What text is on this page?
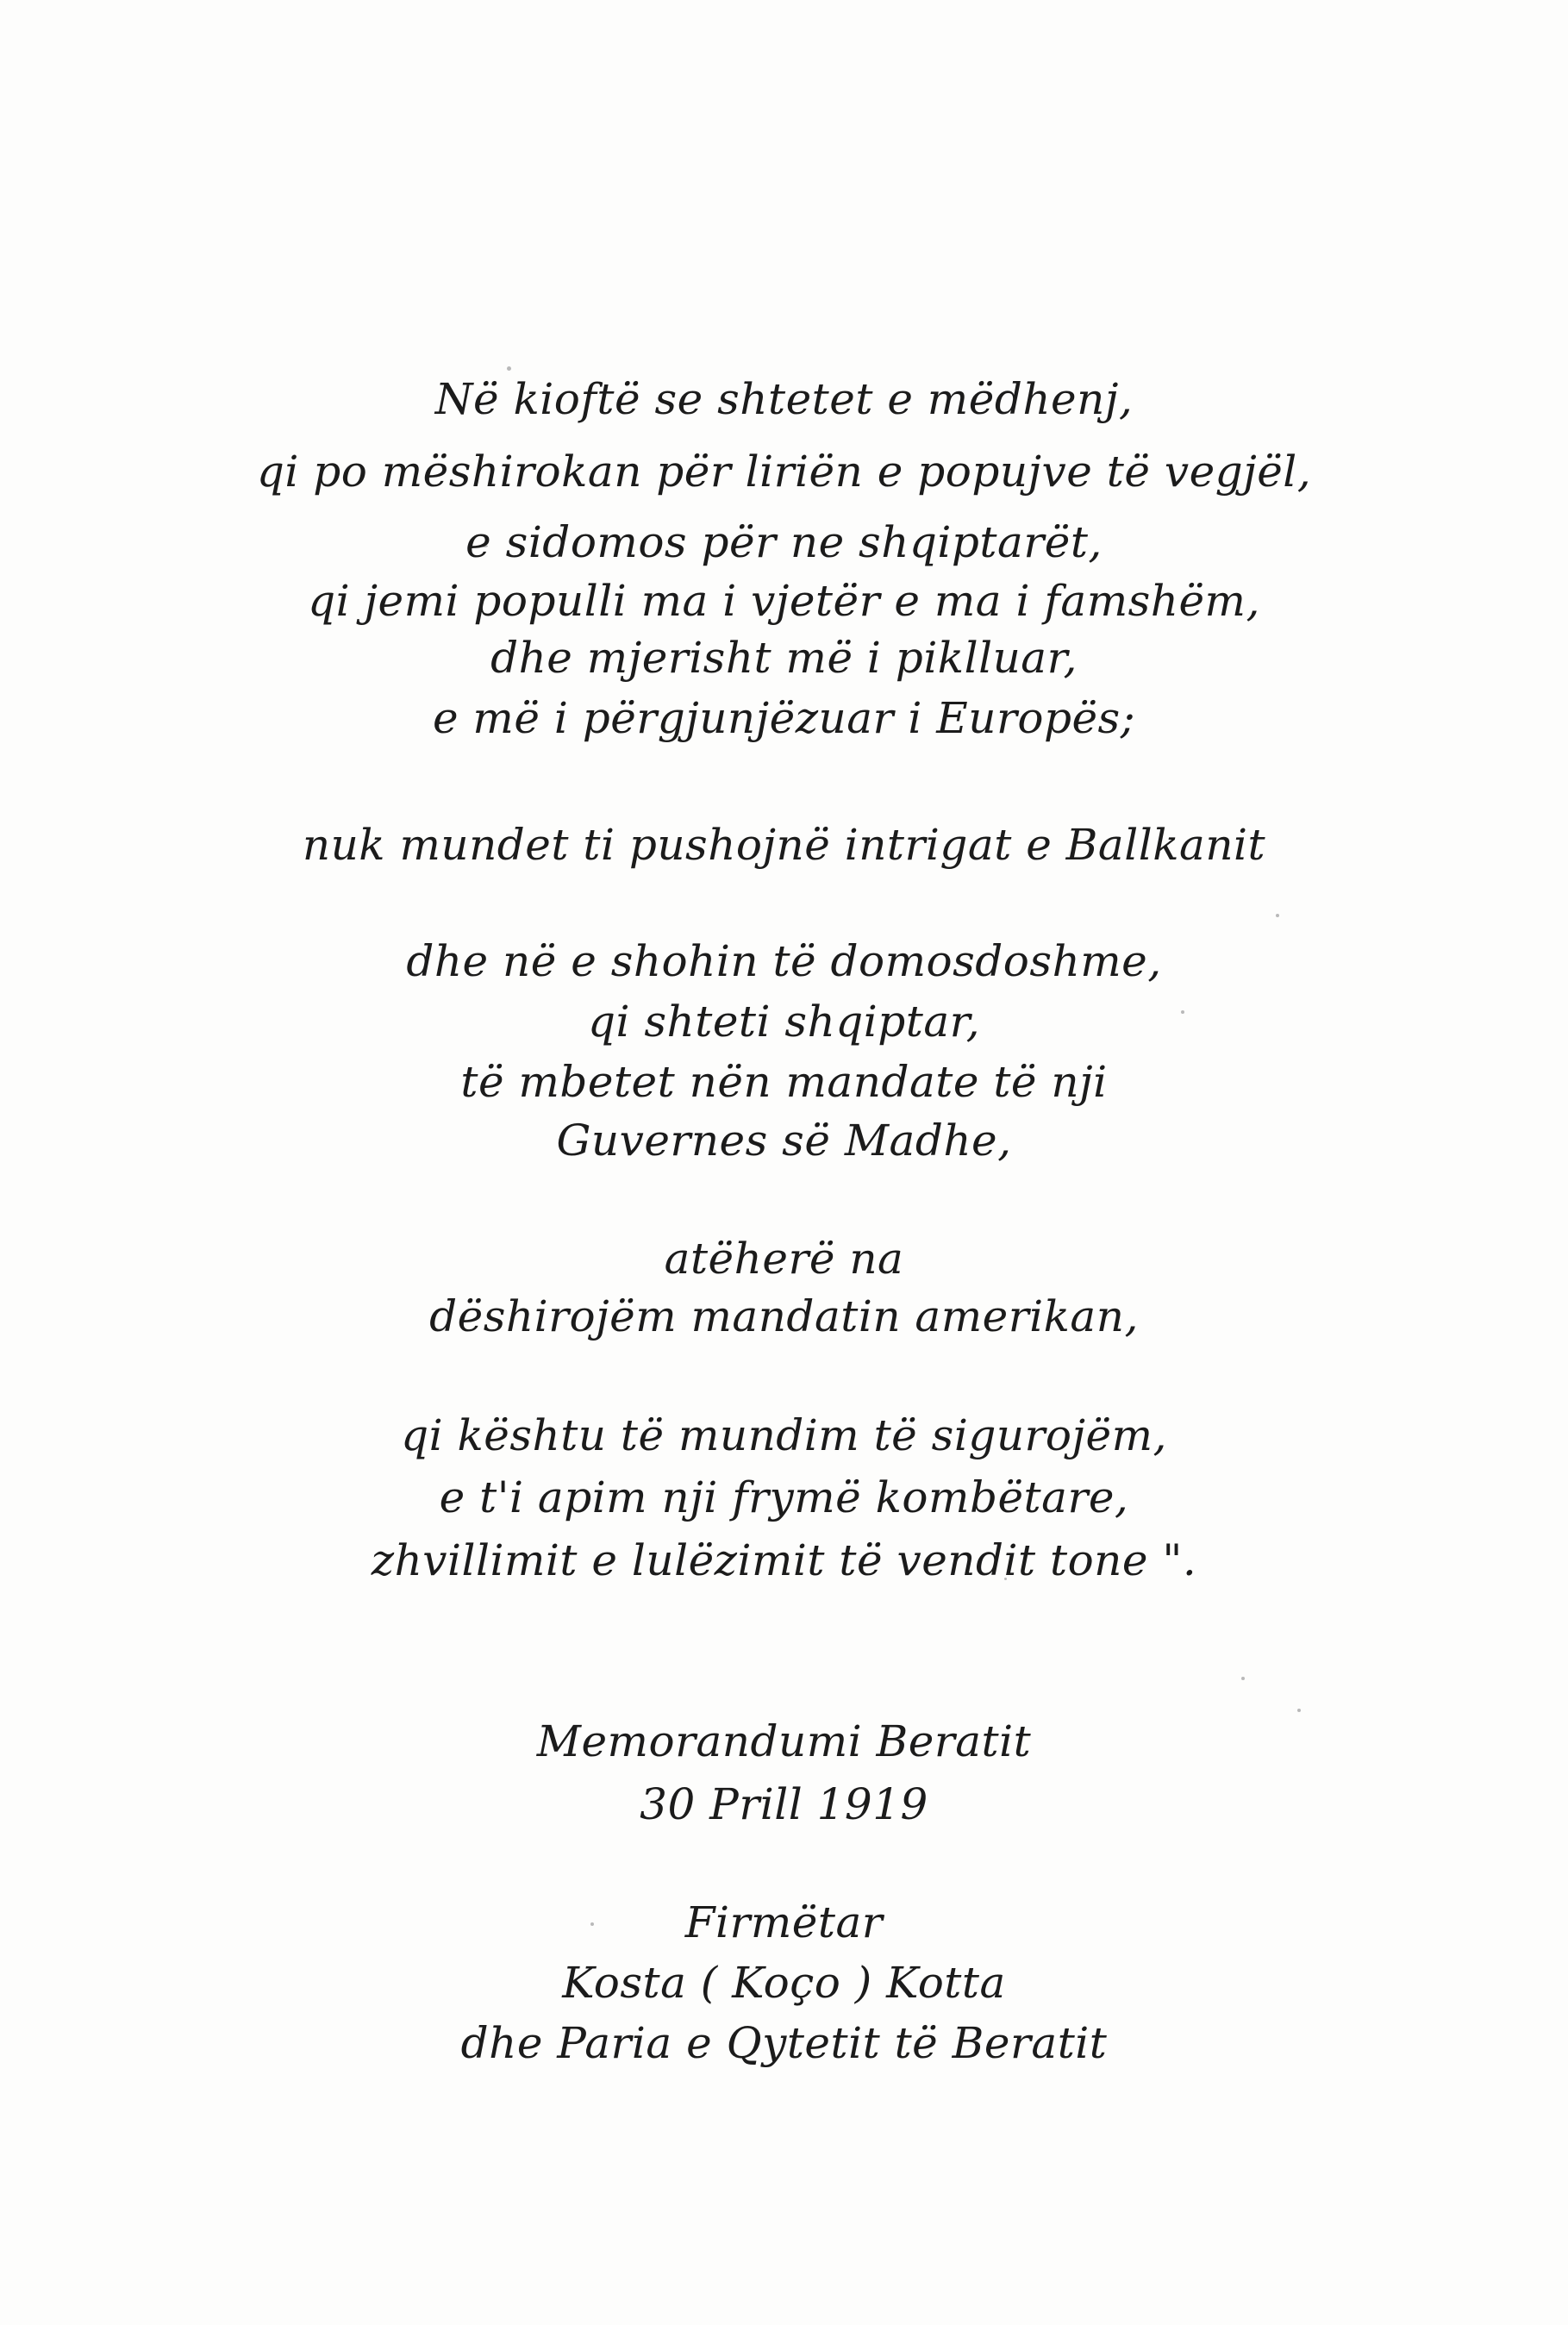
Në kioftë se shtetet e mëdhenj,
qi po mëshirokan për liriën e popujve të vegjël,
e sidomos për ne shqiptarët,
qi jemi populli ma i vjetër e ma i famshëm,
dhe mjerisht më i piklluar,
e më i përgjunjëzuar i Europës;
nuk mundet ti pushojnë intrigat e Ballkanit
dhe në e shohin të domosdoshme,
qi shteti shqiptar,
të mbetet nën mandate të nji
Guvernes së Madhe,
atëherë na
dëshirojëm mandatin amerikan,
qi kështu të mundim të sigurojëm,
e t'i apim nji frymë kombëtare,
zhvillimit e lulëzimit të vendit tone ".
Memorandumi Beratit
30 Prill 1919
Firmëtar
Kosta ( Koço ) Kotta
dhe Paria e Qytetit të Beratit
